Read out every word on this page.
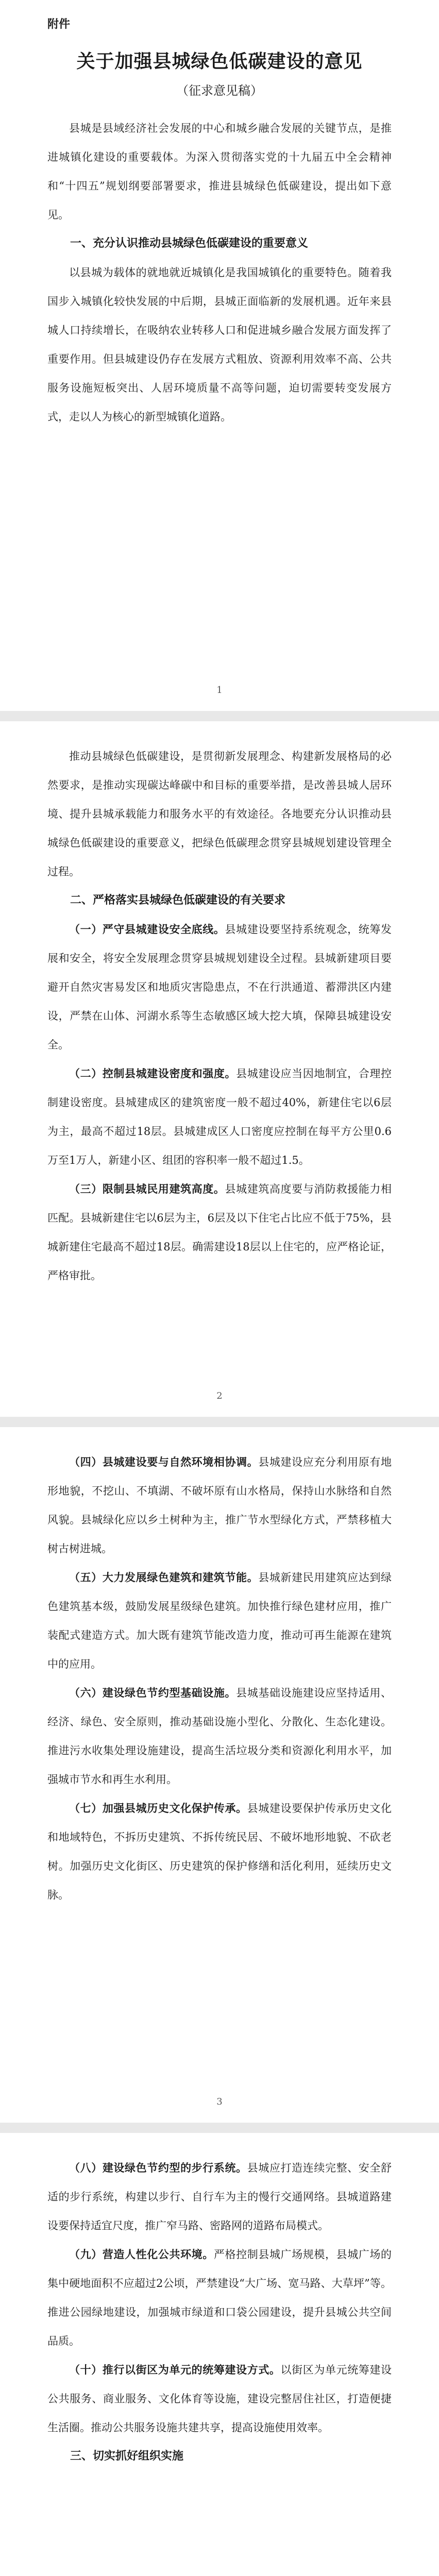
附件
关于加强县城绿色低碳建设的意见
（征求意见稿）

县城是县域经济社会发展的中心和城乡融合发展的关键节点，是推进城镇化建设的重要载体。为深入贯彻落实党的十九届五中全会精神和“十四五”规划纲要部署要求，推进县城绿色低碳建设，提出如下意见。

一、充分认识推动县城绿色低碳建设的重要意义

以县城为载体的就地就近城镇化是我国城镇化的重要特色。随着我国步入城镇化较快发展的中后期，县城正面临新的发展机遇。近年来县城人口持续增长，在吸纳农业转移人口和促进城乡融合发展方面发挥了重要作用。但县城建设仍存在发展方式粗放、资源利用效率不高、公共服务设施短板突出、人居环境质量不高等问题，迫切需要转变发展方式，走以人为核心的新型城镇化道路。

1

推动县城绿色低碳建设，是贯彻新发展理念、构建新发展格局的必然要求，是推动实现碳达峰碳中和目标的重要举措，是改善县城人居环境、提升县城承载能力和服务水平的有效途径。各地要充分认识推动县城绿色低碳建设的重要意义，把绿色低碳理念贯穿县城规划建设管理全过程。

二、严格落实县城绿色低碳建设的有关要求

（一）严守县城建设安全底线。县城建设要坚持系统观念，统筹发展和安全，将安全发展理念贯穿县城规划建设全过程。县城新建项目要避开自然灾害易发区和地质灾害隐患点，不在行洪通道、蓄滞洪区内建设，严禁在山体、河湖水系等生态敏感区域大挖大填，保障县城建设安全。

（二）控制县城建设密度和强度。县城建设应当因地制宜，合理控制建设密度。县城建成区的建筑密度一般不超过40%，新建住宅以6层为主，最高不超过18层。县城建成区人口密度应控制在每平方公里0.6万至1万人，新建小区、组团的容积率一般不超过1.5。

（三）限制县城民用建筑高度。县城建筑高度要与消防救援能力相匹配。县城新建住宅以6层为主，6层及以下住宅占比应不低于75%，县城新建住宅最高不超过18层。确需建设18层以上住宅的，应严格论证，严格审批。

2

（四）县城建设要与自然环境相协调。县城建设应充分利用原有地形地貌，不挖山、不填湖、不破坏原有山水格局，保持山水脉络和自然风貌。县城绿化应以乡土树种为主，推广节水型绿化方式，严禁移植大树古树进城。

（五）大力发展绿色建筑和建筑节能。县城新建民用建筑应达到绿色建筑基本级，鼓励发展星级绿色建筑。加快推行绿色建材应用，推广装配式建造方式。加大既有建筑节能改造力度，推动可再生能源在建筑中的应用。

（六）建设绿色节约型基础设施。县城基础设施建设应坚持适用、经济、绿色、安全原则，推动基础设施小型化、分散化、生态化建设。推进污水收集处理设施建设，提高生活垃圾分类和资源化利用水平，加强城市节水和再生水利用。

（七）加强县城历史文化保护传承。县城建设要保护传承历史文化和地域特色，不拆历史建筑、不拆传统民居、不破坏地形地貌、不砍老树。加强历史文化街区、历史建筑的保护修缮和活化利用，延续历史文脉。

3

（八）建设绿色节约型的步行系统。县城应打造连续完整、安全舒适的步行系统，构建以步行、自行车为主的慢行交通网络。县城道路建设要保持适宜尺度，推广窄马路、密路网的道路布局模式。

（九）营造人性化公共环境。严格控制县城广场规模，县城广场的集中硬地面积不应超过2公顷，严禁建设“大广场、宽马路、大草坪”等。推进公园绿地建设，加强城市绿道和口袋公园建设，提升县城公共空间品质。

（十）推行以街区为单元的统筹建设方式。以街区为单元统筹建设公共服务、商业服务、文化体育等设施，建设完整居住社区，打造便捷生活圈。推动公共服务设施共建共享，提高设施使用效率。

三、切实抓好组织实施
